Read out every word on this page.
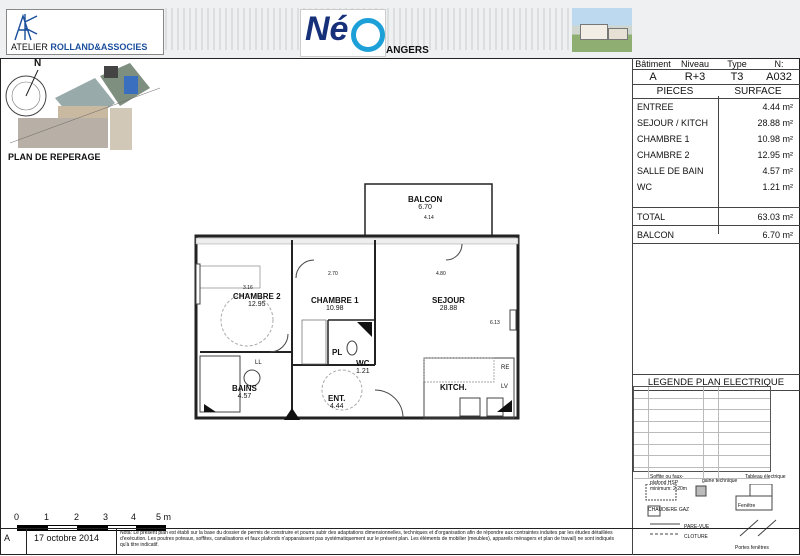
ATELIER ROLLAND&ASSOCIES	Né
ANGERS
N
PLAN DE REPERAGE
Bâtiment	Niveau	Type	N:
A	R+3	T3	A032
PIECES	SURFACE
ENTREE	4.44 m²
SEJOUR / KITCH	28.88 m²
CHAMBRE 1	10.98 m²
CHAMBRE 2	12.95 m²
SALLE DE BAIN	4.57 m²
WC	1.21 m²
TOTAL	63.03 m²
BALCON	6.70 m²
LEGENDE PLAN ELECTRIQUE
Soffite ou faux-plafond HSP minimum: 2,20m
gaine technique
Tableau électrique
CHAUDIERE GAZ
Fenêtre
PARE-VUE
CLOTURE
Portes fenêtres
BALCON
6.70
4.14
CHAMBRE 2
12.95
3.16
CHAMBRE 1
10.98
2.70
SEJOUR
28.88
4.80
6.13
BAINS
4.57
LL
PL
WC
1.21
ENT.
4.44
KITCH.
RE
LV
0	1	2	3	4 5 m
A	17 octobre 2014	Nota: Le présent plan est établi sur la base du dossier de permis de construire et pourra subir des adaptations dimensionnelles, techniques et d'organisation afin de répondre aux contraintes induites par les études détaillées d'exécution. Les poutres poteaux, soffites, canalisations et faux plafonds n'apparaissent pas systématiquement sur le présent plan. Les éléments de mobilier (meubles), appareils ménagers et plan de travail) ne sont indiqués qu'à titre indicatif.
